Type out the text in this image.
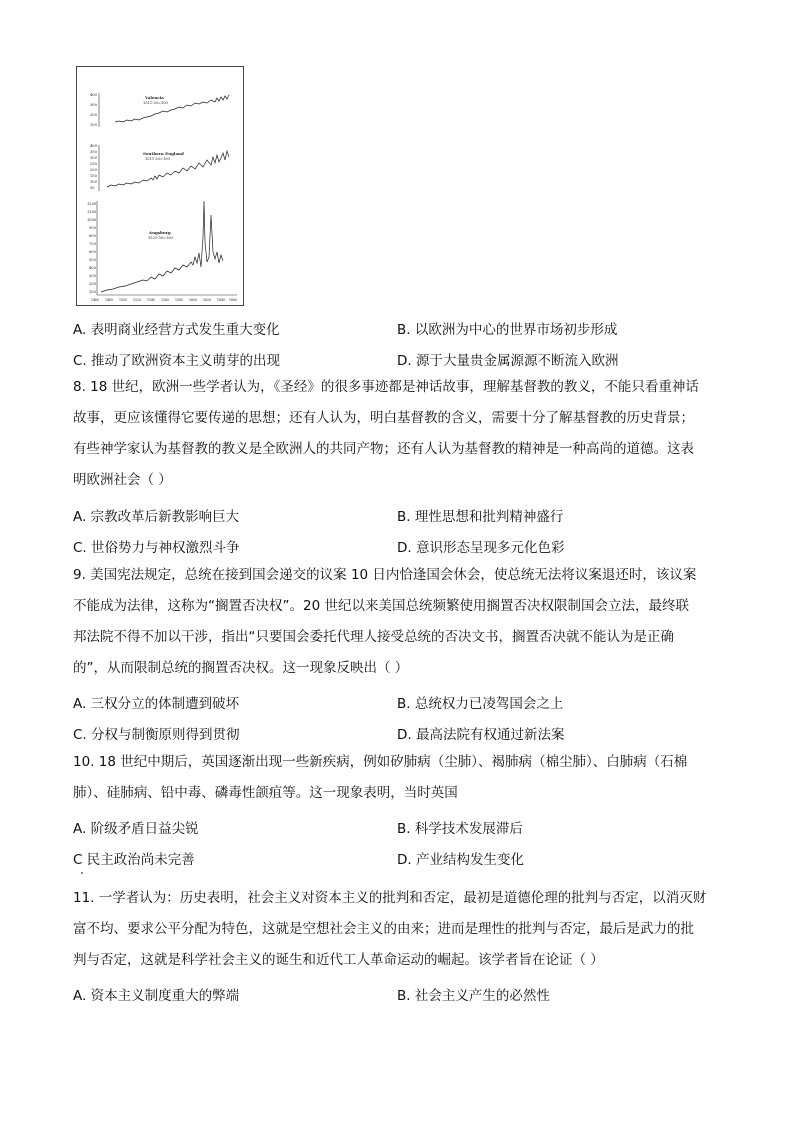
Valencia
1511-20=100
400
300
200
100
Southern England
1511-20=100
400
350
300
250
200
150
100
50
Augsburg
1521-30=100
1200
1100
1000
900
800
700
600
500
400
300
200
100
1460 1480 1500 1520 1540 1560 1580 1600 1620 1640 1660
A. 表明商业经营方式发生重大变化	B. 以欧洲为中心的世界市场初步形成
C. 推动了欧洲资本主义萌芽的出现	D. 源于大量贵金属源源不断流入欧洲
8. 18 世纪，欧洲一些学者认为，《圣经》的很多事迹都是神话故事，理解基督教的教义，不能只看重神话
故事，更应该懂得它要传递的思想；还有人认为，明白基督教的含义，需要十分了解基督教的历史背景；
有些神学家认为基督教的教义是全欧洲人的共同产物；还有人认为基督教的精神是一种高尚的道德。这表
明欧洲社会（ ）
A. 宗教改革后新教影响巨大	B. 理性思想和批判精神盛行
C. 世俗势力与神权激烈斗争	D. 意识形态呈现多元化色彩
9. 美国宪法规定，总统在接到国会递交的议案 10 日内恰逢国会休会，使总统无法将议案退还时，该议案
不能成为法律，这称为“搁置否决权”。20 世纪以来美国总统频繁使用搁置否决权限制国会立法，最终联
邦法院不得不加以干涉，指出“只要国会委托代理人接受总统的否决文书，搁置否决就不能认为是正确
的”，从而限制总统的搁置否决权。这一现象反映出（ ）
A. 三权分立的体制遭到破坏	B. 总统权力已凌驾国会之上
C. 分权与制衡原则得到贯彻	D. 最高法院有权通过新法案
10. 18 世纪中期后，英国逐渐出现一些新疾病，例如矽肺病（尘肺）、褐肺病（棉尘肺）、白肺病（石棉
肺）、硅肺病、铅中毒、磷毒性颌疽等。这一现象表明，当时英国
A. 阶级矛盾日益尖锐	B. 科学技术发展滞后
C 民主政治尚未完善	D. 产业结构发生变化
11. 一学者认为：历史表明，社会主义对资本主义的批判和否定，最初是道德伦理的批判与否定，以消灭财
富不均、要求公平分配为特色，这就是空想社会主义的由来；进而是理性的批判与否定，最后是武力的批
判与否定，这就是科学社会主义的诞生和近代工人革命运动的崛起。该学者旨在论证（ ）
A. 资本主义制度重大的弊端	B. 社会主义产生的必然性
